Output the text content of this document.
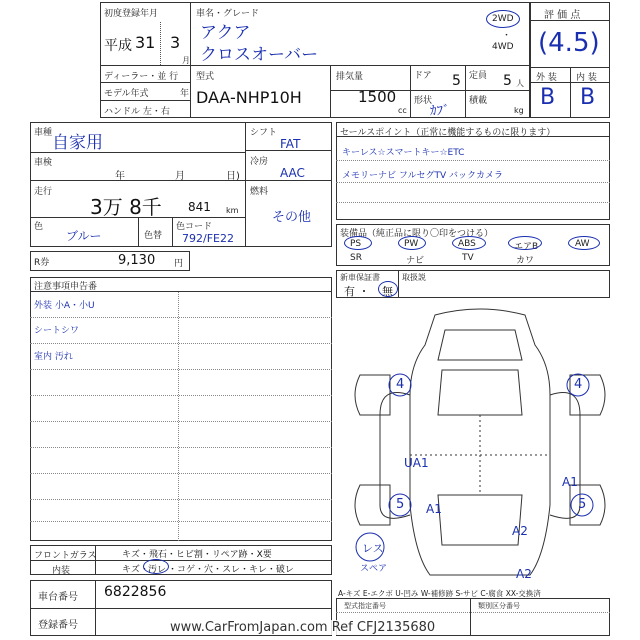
初度登録年月
平成 31 3
月
車名・グレード
アクア
クロスオーバー
2WD
・
4WD
ディーラー・並 行
モデル年式	年
ハンドル 左・右
型式
DAA-NHP10H
排気量
1500
cc
ドア 5 定員 5 人
形状
ｶﾌﾞ
積載
kg
評 価 点
(4.5)
外 装 内 装
B B
車種 自家用
車検
年	月	日)
走行
3万 8千 841 km
色
ブルー	色替
色コード
792/FE22
シフト
FAT
冷房
AAC
燃料
その他
R券	9,130 円
セールスポイント（正常に機能するものに限ります）
キーレス☆スマートキー☆ETC
メモリーナビ フルセグTV バックカメラ
装備品（純正品に限り〇印をつける）
PS	PW	ABS	エアB	AW
SR	ナビ	TV	カワ
新車保証書
有 ・ 無
取扱説
注意事項申告番
外装 小A・小U
シートシワ
室内 汚れ
4	4
UA1
5 A1
A1
5
A2
A2
レス
スペア
フロントガラス	キズ・飛石・ヒビ割・リペア跡・X要
内装	キズ・ 汚レ ・コゲ・穴・スレ・キレ・破レ
車台番号 6822856
登録番号
A-キズ E-エクボ U-凹み W-補修跡 S-サビ C-腐食 XX-交換済
型式指定番号	類別区分番号
www.CarFromJapan.com Ref CFJ2135680
